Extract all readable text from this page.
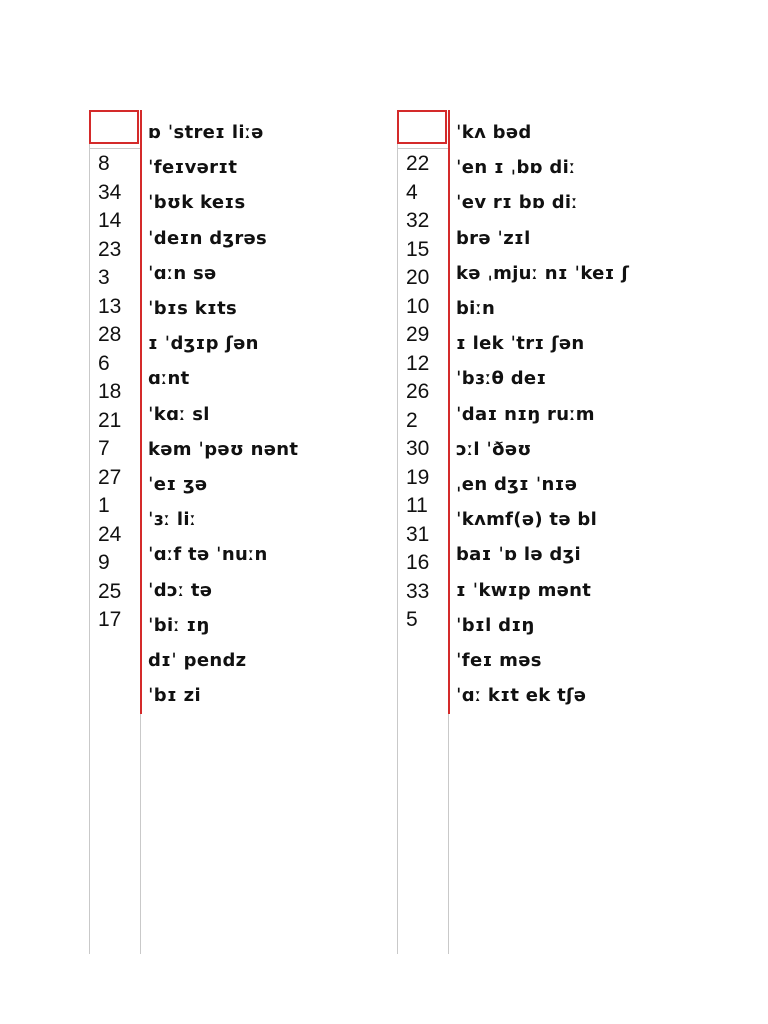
8
34
14
23
3
13
28
6
18
21
7
27
1
24
9
25
17
ɒ ˈstreɪ liːə
ˈfeɪvərɪt
ˈbʊk keɪs
ˈdeɪn dʒrəs
ˈɑːn sə
ˈbɪs kɪts
ɪ ˈdʒɪp ʃən
ɑːnt
ˈkɑː sl
kəm ˈpəʊ nənt
ˈeɪ ʒə
ˈɜː liː
ˈɑːf tə ˈnuːn
ˈdɔː tə
ˈbiː ɪŋ
dɪˈ pendz
ˈbɪ zi
22
4
32
15
20
10
29
12
26
2
30
19
11
31
16
33
5
ˈkʌ bəd
ˈen ɪ ˌbɒ diː
ˈev rɪ bɒ diː
brə ˈzɪl
kə ˌmjuː nɪ ˈkeɪ ʃ
biːn
ɪ lek ˈtrɪ ʃən
ˈbɜːθ deɪ
ˈdaɪ nɪŋ ruːm
ɔːl ˈðəʊ
ˌen dʒɪ ˈnɪə
ˈkʌmf(ə) tə bl
baɪ ˈɒ lə dʒi
ɪ ˈkwɪp mənt
ˈbɪl dɪŋ
ˈfeɪ məs
ˈɑː kɪt ek tʃə
